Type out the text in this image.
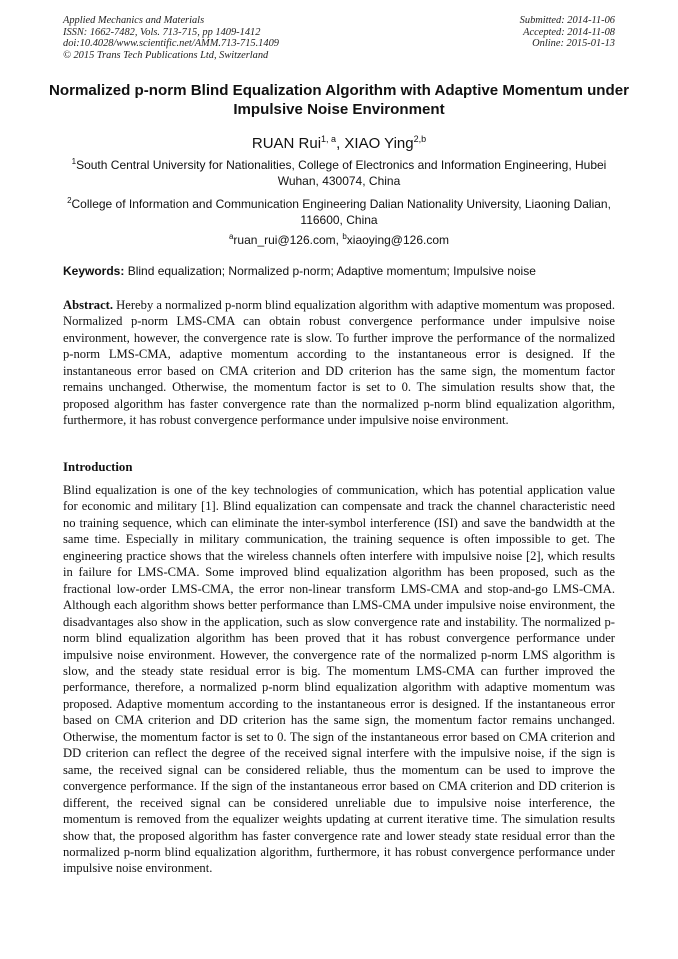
Applied Mechanics and Materials
ISSN: 1662-7482, Vols. 713-715, pp 1409-1412
doi:10.4028/www.scientific.net/AMM.713-715.1409
© 2015 Trans Tech Publications Ltd, Switzerland
Submitted: 2014-11-06
Accepted: 2014-11-08
Online: 2015-01-13
Normalized p-norm Blind Equalization Algorithm with Adaptive Momentum under Impulsive Noise Environment
RUAN Rui$^{1, a}$, XIAO Ying$^{2,b}$
$^1$South Central University for Nationalities, College of Electronics and Information Engineering, Hubei Wuhan, 430074, China
$^2$College of Information and Communication Engineering Dalian Nationality University, Liaoning Dalian, 116600, China
$^a$ruan_rui@126.com, $^b$xiaoying@126.com
Keywords: Blind equalization; Normalized p-norm; Adaptive momentum; Impulsive noise
Abstract. Hereby a normalized p-norm blind equalization algorithm with adaptive momentum was proposed. Normalized p-norm LMS-CMA can obtain robust convergence performance under impulsive noise environment, however, the convergence rate is slow. To further improve the performance of the normalized p-norm LMS-CMA, adaptive momentum according to the instantaneous error is designed. If the instantaneous error based on CMA criterion and DD criterion has the same sign, the momentum factor remains unchanged. Otherwise, the momentum factor is set to 0. The simulation results show that, the proposed algorithm has faster convergence rate than the normalized p-norm blind equalization algorithm, furthermore, it has robust convergence performance under impulsive noise environment.
Introduction
Blind equalization is one of the key technologies of communication, which has potential application value for economic and military [1]. Blind equalization can compensate and track the channel characteristic need no training sequence, which can eliminate the inter-symbol interference (ISI) and save the bandwidth at the same time. Especially in military communication, the training sequence is often impossible to get. The engineering practice shows that the wireless channels often interfere with impulsive noise [2], which results in failure for LMS-CMA. Some improved blind equalization algorithm has been proposed, such as the fractional low-order LMS-CMA, the error non-linear transform LMS-CMA and stop-and-go LMS-CMA. Although each algorithm shows better performance than LMS-CMA under impulsive noise environment, the disadvantages also show in the application, such as slow convergence rate and instability. The normalized p-norm blind equalization algorithm has been proved that it has robust convergence performance under impulsive noise environment. However, the convergence rate of the normalized p-norm LMS algorithm is slow, and the steady state residual error is big. The momentum LMS-CMA can further improved the performance, therefore, a normalized p-norm blind equalization algorithm with adaptive momentum was proposed. Adaptive momentum according to the instantaneous error is designed. If the instantaneous error based on CMA criterion and DD criterion has the same sign, the momentum factor remains unchanged. Otherwise, the momentum factor is set to 0. The sign of the instantaneous error based on CMA criterion and DD criterion can reflect the degree of the received signal interfere with the impulsive noise, if the sign is same, the received signal can be considered reliable, thus the momentum can be used to improve the convergence performance. If the sign of the instantaneous error based on CMA criterion and DD criterion is different, the received signal can be considered unreliable due to impulsive noise interference, the momentum is removed from the equalizer weights updating at current iterative time. The simulation results show that, the proposed algorithm has faster convergence rate and lower steady state residual error than the normalized p-norm blind equalization algorithm, furthermore, it has robust convergence performance under impulsive noise environment.
